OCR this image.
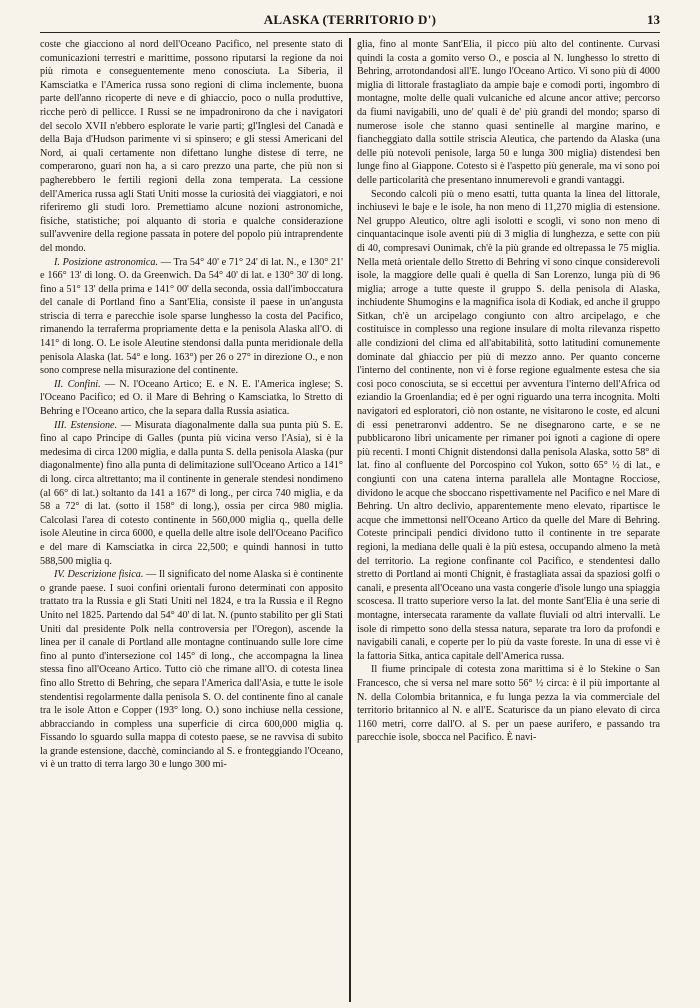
ALASKA (TERRITORIO D')	13

coste che giacciono al nord dell'Oceano Pacifico, nel presente stato di comunicazioni terrestri e marittime, possono riputarsi la regione da noi più rimota e conseguentemente meno conosciuta. La Siberia, il Kamsciatka e l'America russa sono regioni di clima inclemente, buona parte dell'anno ricoperte di neve e di ghiaccio, poco o nulla produttive, ricche però di pellicce. I Russi se ne impadronirono da che i navigatori del secolo XVII n'ebbero esplorate le varie parti; gl'Inglesi del Canadà e della Baja d'Hudson parimente vi si spinsero; e gli stessi Americani del Nord, ai quali certamente non difettano lunghe distese di terre, ne comperarono, guari non ha, a sì caro prezzo una parte, che più non si pagherebbero le fertili regioni della zona temperata. La cessione dell'America russa agli Stati Uniti mosse la curiosità dei viaggiatori, e noi riferiremo gli studi loro. Premettiamo alcune nozioni astronomiche, fisiche, statistiche; poi alquanto di storia e qualche considerazione sull'avvenire della regione passata in potere del popolo più intraprendente del mondo.

I. Posizione astronomica. — Tra 54° 40' e 71° 24' di lat. N., e 130° 21' e 166° 13' di long. O. da Greenwich. Da 54° 40' di lat. e 130° 30' di long. fino a 51° 13' della prima e 141° 00' della seconda, ossia dall'imboccatura del canale di Portland fino a Sant'Elia, consiste il paese in un'angusta striscia di terra e parecchie isole sparse lunghesso la costa del Pacifico, rimanendo la terraferma propriamente detta e la penisola Alaska all'O. di 141° di long. O. Le isole Aleutine stendonsi dalla punta meridionale della penisola Alaska (lat. 54° e long. 163°) per 26 o 27° in direzione O., e non sono comprese nella misurazione del continente.

II. Confini. — N. l'Oceano Artico; E. e N. E. l'America inglese; S. l'Oceano Pacifico; ed O. il Mare di Behring o Kamsciatka, lo Stretto di Behring e l'Oceano artico, che la separa dalla Russia asiatica.

III. Estensione. — Misurata diagonalmente dalla sua punta più S. E. fino al capo Principe di Galles (punta più vicina verso l'Asia), si è la medesima di circa 1200 miglia, e dalla punta S. della penisola Alaska (pur diagonalmente) fino alla punta di delimitazione sull'Oceano Artico a 141° di long. circa altrettanto; ma il continente in generale stendesi nondimeno (al 66° di lat.) soltanto da 141 a 167° di long., per circa 740 miglia, e da 58 a 72° di lat. (sotto il 158° di long.), ossia per circa 980 miglia. Calcolasi l'area di cotesto continente in 560,000 miglia q., quella delle isole Aleutine in circa 6000, e quella delle altre isole dell'Oceano Pacifico e del mare di Kamsciatka in circa 22,500; e quindi hannosi in tutto 588,500 miglia q.

IV. Descrizione fisica. — Il significato del nome Alaska si è continente o grande paese. I suoi confini orientali furono determinati con apposito trattato tra la Russia e gli Stati Uniti nel 1824, e tra la Russia e il Regno Unito nel 1825. Partendo dal 54° 40' di lat. N. (punto stabilito per gli Stati Uniti dal presidente Polk nella controversia per l'Oregon), ascende la linea per il canale di Portland alle montagne continuando sulle lore cime fino al punto d'intersezione col 145° di long., che accompagna la linea stessa fino all'Oceano Artico. Tutto ciò che rimane all'O. di cotesta linea fino allo Stretto di Behring, che separa l'America dall'Asia, e tutte le isole stendentisi regolarmente dalla penisola S. O. del continente fino al canale tra le isole Atton e Copper (193° long. O.) sono inchiuse nella cessione, abbracciando in compless una superficie di circa 600,000 miglia q. Fissando lo sguardo sulla mappa di cotesto paese, se ne ravvisa di subito la grande estensione, dacchè, cominciando al S. e fronteggiando l'Oceano, vi è un tratto di terra largo 30 e lungo 300 mi-

glia, fino al monte Sant'Elia, il picco più alto del continente. Curvasi quindi la costa a gomito verso O., e poscia al N. lunghesso lo stretto di Behring, arrotondandosi all'E. lungo l'Oceano Artico. Vi sono più di 4000 miglia di littorale frastagliato da ampie baje e comodi porti, ingombro di montagne, molte delle quali vulcaniche ed alcune ancor attive; percorso da fiumi navigabili, uno de' quali è de' più grandi del mondo; sparso di numerose isole che stanno quasi sentinelle al margine marino, e fiancheggiato dalla sottile striscia Aleutica, che partendo da Alaska (una delle più notevoli penisole, larga 50 e lunga 300 miglia) distendesi ben lunge fino al Giappone. Cotesto si è l'aspetto più generale, ma vi sono poi delle particolarità che presentano innumerevoli e grandi vantaggi.

Secondo calcoli più o meno esatti, tutta quanta la linea del littorale, inchiusevi le baje e le isole, ha non meno di 11,270 miglia di estensione. Nel gruppo Aleutico, oltre agli isolotti e scogli, vi sono non meno di cinquantacinque isole aventi più di 3 miglia di lunghezza, e sette con più di 40, compresavi Ounimak, ch'è la più grande ed oltrepassa le 75 miglia. Nella metà orientale dello Stretto di Behring vi sono cinque considerevoli isole, la maggiore delle quali è quella di San Lorenzo, lunga più di 96 miglia; arroge a tutte queste il gruppo S. della penisola di Alaska, inchiudente Shumogins e la magnifica isola di Kodiak, ed anche il gruppo Sitkan, ch'è un arcipelago congiunto con altro arcipelago, e che costituisce in complesso una regione insulare di molta rilevanza rispetto alle condizioni del clima ed all'abitabilità, sotto latitudini comunemente dominate dal ghiaccio per più di mezzo anno. Per quanto concerne l'interno del continente, non vi è forse regione egualmente estesa che sia così poco conosciuta, se si eccettui per avventura l'interno dell'Africa od eziandio la Groenlandia; ed è per ogni riguardo una terra incognita. Molti navigatori ed esploratori, ciò non ostante, ne visitarono le coste, ed alcuni di essi penetraronvi addentro. Se ne disegnarono carte, e se ne pubblicarono libri unicamente per rimaner poi ignoti a cagione di opere più recenti. I monti Chignit distendonsi dalla penisola Alaska, sotto 58° di lat. fino al confluente del Porcospino col Yukon, sotto 65° ½ di lat., e congiunti con una catena interna parallela alle Montagne Rocciose, dividono le acque che sboccano rispettivamente nel Pacifico e nel Mare di Behring. Un altro declivio, apparentemente meno elevato, ripartisce le acque che immettonsi nell'Oceano Artico da quelle del Mare di Behring. Coteste principali pendici dividono tutto il continente in tre separate regioni, la mediana delle quali è la più estesa, occupando almeno la metà del territorio. La regione confinante col Pacifico, e stendentesi dallo stretto di Portland ai monti Chignit, è frastagliata assai da spaziosi golfi o canali, e presenta all'Oceano una vasta congerie d'isole lungo una spiaggia scoscesa. Il tratto superiore verso la lat. del monte Sant'Elia è una serie di montagne, intersecata raramente da vallate fluviali od altri intervalli. Le isole di rimpetto sono della stessa natura, separate tra loro da profondi e navigabili canali, e coperte per lo più da vaste foreste. In una di esse vi è la fattoria Sitka, antica capitale dell'America russa.

Il fiume principale di cotesta zona marittima si è lo Stekine o San Francesco, che si versa nel mare sotto 56° ½ circa: è il più importante al N. della Colombia britannica, e fu lunga pezza la via commerciale del territorio britannico al N. e all'E. Scaturisce da un piano elevato di circa 1160 metri, corre dall'O. al S. per un paese aurifero, e passando tra parecchie isole, sbocca nel Pacifico. È navi-
